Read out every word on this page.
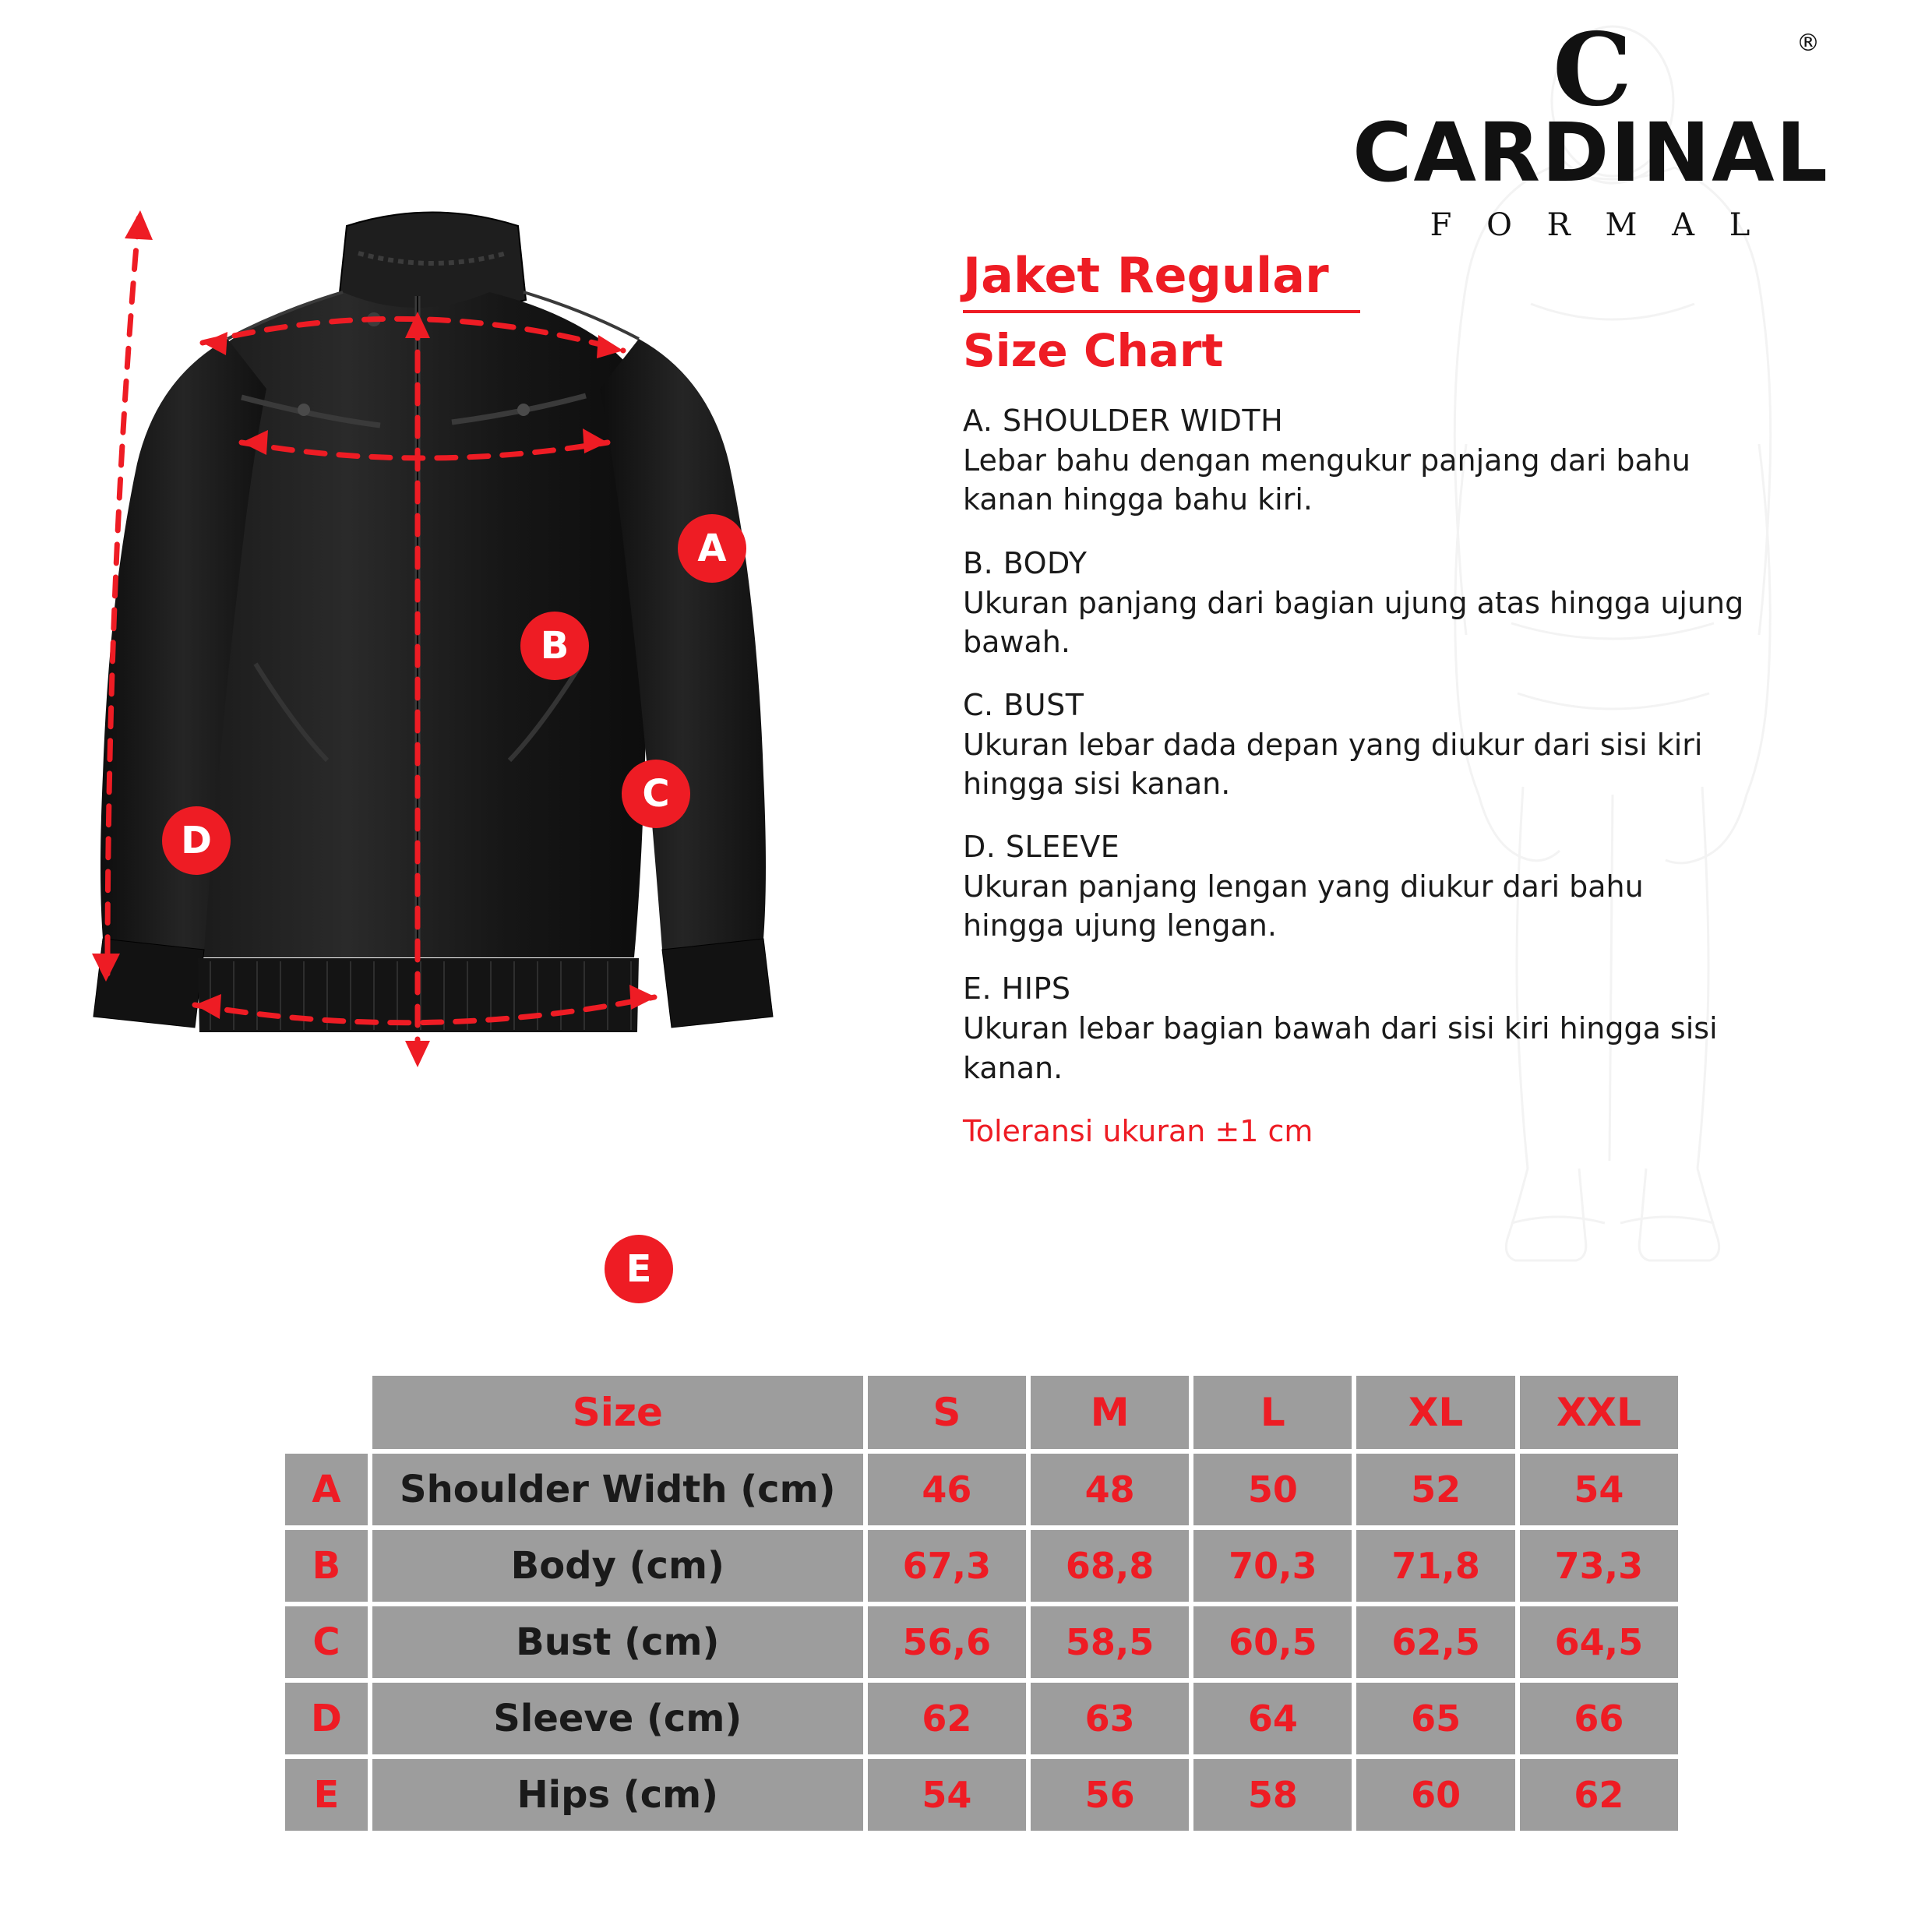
C	®
CARDINAL
F O R M A L
A
B
C
D
E
Jaket Regular
Size Chart
A. SHOULDER WIDTH
Lebar bahu dengan mengukur panjang dari bahu kanan hingga bahu kiri.
B. BODY
Ukuran panjang dari bagian ujung atas hingga ujung bawah.
C. BUST
Ukuran lebar dada depan yang diukur dari sisi kiri hingga sisi kanan.
D. SLEEVE
Ukuran panjang lengan yang diukur dari bahu hingga ujung lengan.
E. HIPS
Ukuran lebar bagian bawah dari sisi kiri hingga sisi kanan.
Toleransi ukuran ±1 cm
	Size	S	M	L	XL	XXL
A	Shoulder Width (cm)	46	48	50	52	54
B	Body (cm)	67,3	68,8	70,3	71,8	73,3
C	Bust (cm)	56,6	58,5	60,5	62,5	64,5
D	Sleeve (cm)	62	63	64	65	66
E	Hips (cm)	54	56	58	60	62
